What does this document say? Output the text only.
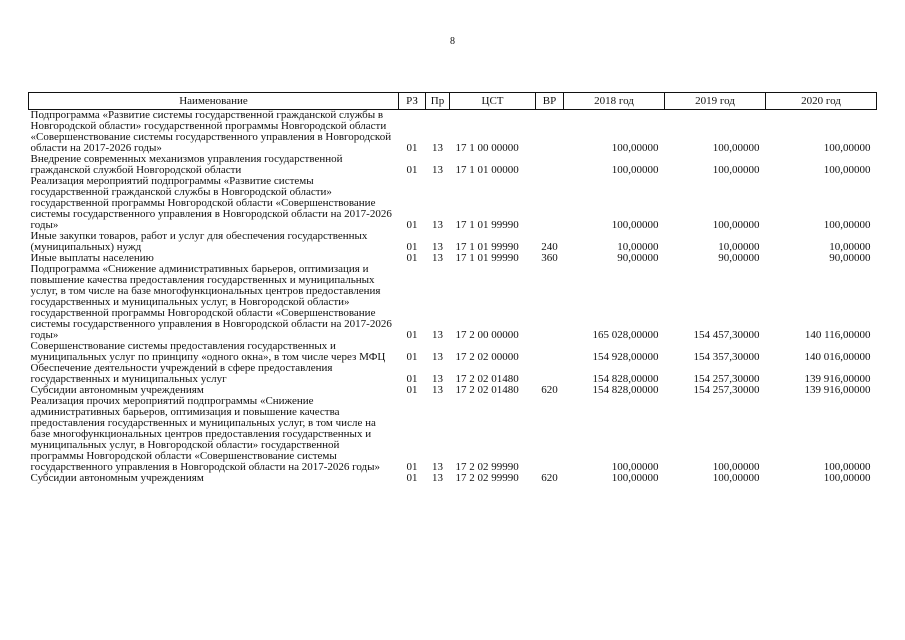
8
Наименование	РЗ	Пр	ЦСТ	ВР	2018 год	2019 год	2020 год
Подпрограмма «Развитие системы государственной гражданской службы в Новгородской области» государственной программы Новгородской области «Совершенствование системы государственного управления в Новгородской области на 2017-2026 годы»	01	13	17 1 00 00000		100,00000	100,00000	100,00000
Внедрение современных механизмов управления государственной гражданской службой Новгородской области	01	13	17 1 01 00000		100,00000	100,00000	100,00000
Реализация мероприятий подпрограммы «Развитие системы государственной гражданской службы в Новгородской области» государственной программы Новгородской области «Совершенствование системы государственного управления в Новгородской области на 2017-2026 годы»	01	13	17 1 01 99990		100,00000	100,00000	100,00000
Иные закупки товаров, работ и услуг для обеспечения государственных (муниципальных) нужд	01	13	17 1 01 99990	240	10,00000	10,00000	10,00000
Иные выплаты населению	01	13	17 1 01 99990	360	90,00000	90,00000	90,00000
Подпрограмма «Снижение административных барьеров, оптимизация и повышение качества предоставления государственных и муниципальных услуг, в том числе на базе многофункциональных центров предоставления государственных и муниципальных услуг, в Новгородской области» государственной программы Новгородской области «Совершенствование системы государственного управления в Новгородской области на 2017-2026 годы»	01	13	17 2 00 00000		165 028,00000	154 457,30000	140 116,00000
Совершенствование системы предоставления государственных и муниципальных услуг по принципу «одного окна», в том числе через МФЦ	01	13	17 2 02 00000		154 928,00000	154 357,30000	140 016,00000
Обеспечение деятельности учреждений в сфере предоставления государственных и муниципальных услуг	01	13	17 2 02 01480		154 828,00000	154 257,30000	139 916,00000
Субсидии автономным учреждениям	01	13	17 2 02 01480	620	154 828,00000	154 257,30000	139 916,00000
Реализация прочих мероприятий подпрограммы «Снижение административных барьеров, оптимизация и повышение качества предоставления государственных и муниципальных услуг, в том числе на базе многофункциональных центров предоставления государственных и муниципальных услуг, в Новгородской области» государственной программы Новгородской области «Совершенствование системы государственного управления в Новгородской области на 2017-2026 годы»	01	13	17 2 02 99990		100,00000	100,00000	100,00000
Субсидии автономным учреждениям	01	13	17 2 02 99990	620	100,00000	100,00000	100,00000
